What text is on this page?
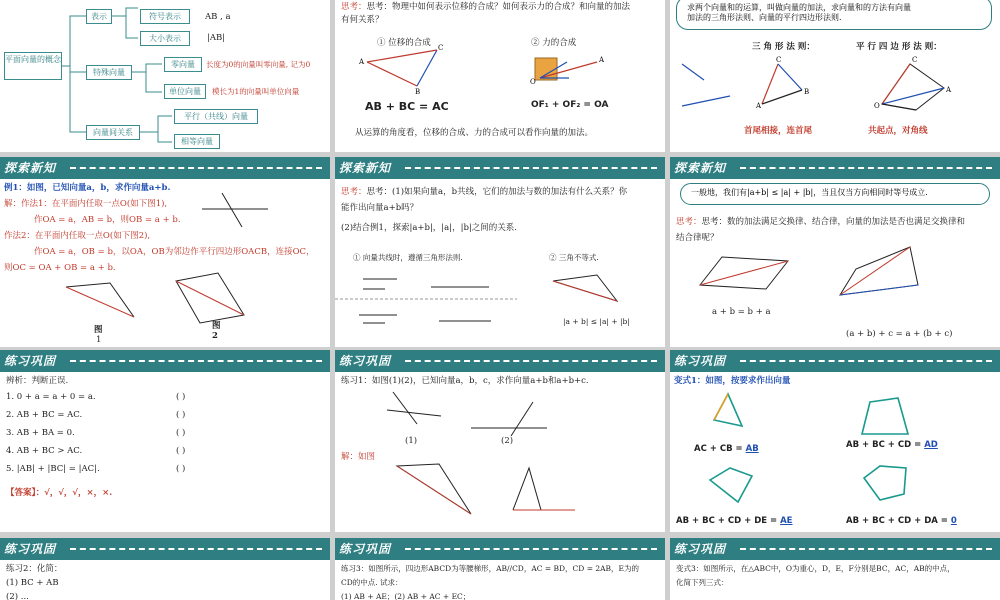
平面向量的概念
表示	符号表示	AB , a
大小表示	|AB|
特殊向量
零向量	长度为0的向量叫零向量, 记为0
单位向量	模长为1的向量叫单位向量
向量间关系
平行（共线）向量
相等向量
思考：思考：物理中如何表示位移的合成？如何表示力的合成？和向量的加法
有何关系？
① 位移的合成	② 力的合成
A
B
C
O
A
AB + BC = AC	OF₁ + OF₂ = OA
从运算的角度看，位移的合成、力的合成可以看作向量的加法。
求两个向量和的运算，叫做向量的加法，求向量和的方法有向量
加法的三角形法则、向量的平行四边形法则.
三 角 形 法 则：	平 行 四 边 形 法 则：
A
C
B
O
C
A
首尾相接，连首尾	共起点，对角线
探索新知
例1：如图，已知向量a，b，求作向量a+b.
解：作法1：在平面内任取一点O(如下图1),
作OA = a，AB = b，则OB = a + b.
作法2：在平面内任取一点O(如下图2),
作OA = a，OB = b，以OA，OB为邻边作平行四边形OACB，连接OC，
则OC = OA + OB = a + b.
图
1
图
2
探索新知
思考：思考：(1)如果向量a，b共线，它们的加法与数的加法有什么关系？你
能作出向量a+b吗？
(2)结合例1，探索|a+b|，|a|，|b|之间的关系.
① 向量共线时，遵循三角形法则.	② 三角不等式.
|a + b| ≤ |a| + |b|
探索新知
一般地，我们有|a+b| ≤ |a| + |b|，当且仅当方向相同时等号成立.
思考：思考：数的加法满足交换律、结合律，向量的加法是否也满足交换律和
结合律呢？
a + b = b + a
(a + b) + c = a + (b + c)
练习巩固
辨析：判断正误.
1. 0 + a = a + 0 = a.
2. AB + BC = AC.
3. AB + BA = 0.
4. AB + BC > AC.
5. |AB| + |BC| = |AC|.
( )
( )
( )
( )
( )
【答案】：√，√，√，×，×.
练习巩固
练习1：如图(1)(2)，已知向量a，b，c，求作向量a+b和a+b+c.
(1)	(2)
解：如图
练习巩固
变式1：如图，按要求作出向量
AC + CB = AB	AB + BC + CD = AD
AB + BC + CD + DE = AE	AB + BC + CD + DA = 0
练习巩固
练习2：化简：
(1) BC + AB
(2) ...
练习巩固
练习3：如图所示，四边形ABCD为等腰梯形，AB//CD，AC = BD，CD = 2AB，E为的
CD的中点. 试求：
(1) AB + AE；(2) AB + AC + EC；
练习巩固
变式3：如图所示，在△ABC中，O为重心，D，E，F分别是BC，AC，AB的中点，
化简下列三式：
